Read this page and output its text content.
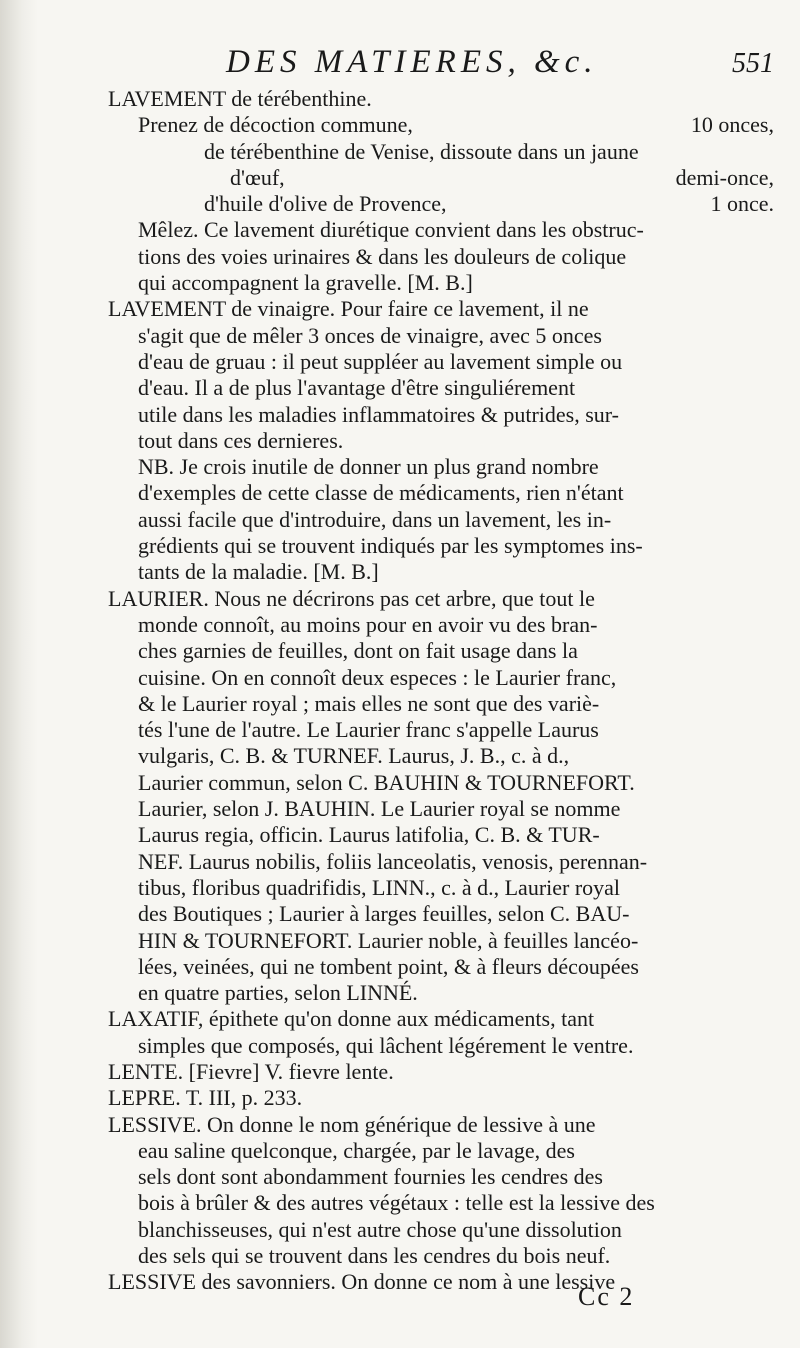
DES MATIERES, &c.	551
LAVEMENT de térébenthine.
Prenez de décoction commune,	10 onces,
de térébenthine de Venise, dissoute dans un jaune
d'œuf,	demi-once,
d'huile d'olive de Provence,	1 once.
Mêlez. Ce lavement diurétique convient dans les obstruc-
tions des voies urinaires & dans les douleurs de colique
qui accompagnent la gravelle. [M. B.]
LAVEMENT de vinaigre. Pour faire ce lavement, il ne
s'agit que de mêler 3 onces de vinaigre, avec 5 onces
d'eau de gruau : il peut suppléer au lavement simple ou
d'eau. Il a de plus l'avantage d'être singuliérement
utile dans les maladies inflammatoires & putrides, sur-
tout dans ces dernieres.
NB. Je crois inutile de donner un plus grand nombre
d'exemples de cette classe de médicaments, rien n'étant
aussi facile que d'introduire, dans un lavement, les in-
grédients qui se trouvent indiqués par les symptomes ins-
tants de la maladie. [M. B.]
LAURIER. Nous ne décrirons pas cet arbre, que tout le
monde connoît, au moins pour en avoir vu des bran-
ches garnies de feuilles, dont on fait usage dans la
cuisine. On en connoît deux especes : le Laurier franc,
& le Laurier royal ; mais elles ne sont que des variè-
tés l'une de l'autre. Le Laurier franc s'appelle Laurus
vulgaris, C. B. & TURNEF. Laurus, J. B., c. à d.,
Laurier commun, selon C. BAUHIN & TOURNEFORT.
Laurier, selon J. BAUHIN. Le Laurier royal se nomme
Laurus regia, officin. Laurus latifolia, C. B. & TUR-
NEF. Laurus nobilis, foliis lanceolatis, venosis, perennan-
tibus, floribus quadrifidis, LINN., c. à d., Laurier royal
des Boutiques ; Laurier à larges feuilles, selon C. BAU-
HIN & TOURNEFORT. Laurier noble, à feuilles lancéo-
lées, veinées, qui ne tombent point, & à fleurs découpées
en quatre parties, selon LINNÉ.
LAXATIF, épithete qu'on donne aux médicaments, tant
simples que composés, qui lâchent légérement le ventre.
LENTE. [Fievre] V. fievre lente.
LEPRE. T. III, p. 233.
LESSIVE. On donne le nom générique de lessive à une
eau saline quelconque, chargée, par le lavage, des
sels dont sont abondamment fournies les cendres des
bois à brûler & des autres végétaux : telle est la lessive des
blanchisseuses, qui n'est autre chose qu'une dissolution
des sels qui se trouvent dans les cendres du bois neuf.
LESSIVE des savonniers. On donne ce nom à une lessive
Cc 2
